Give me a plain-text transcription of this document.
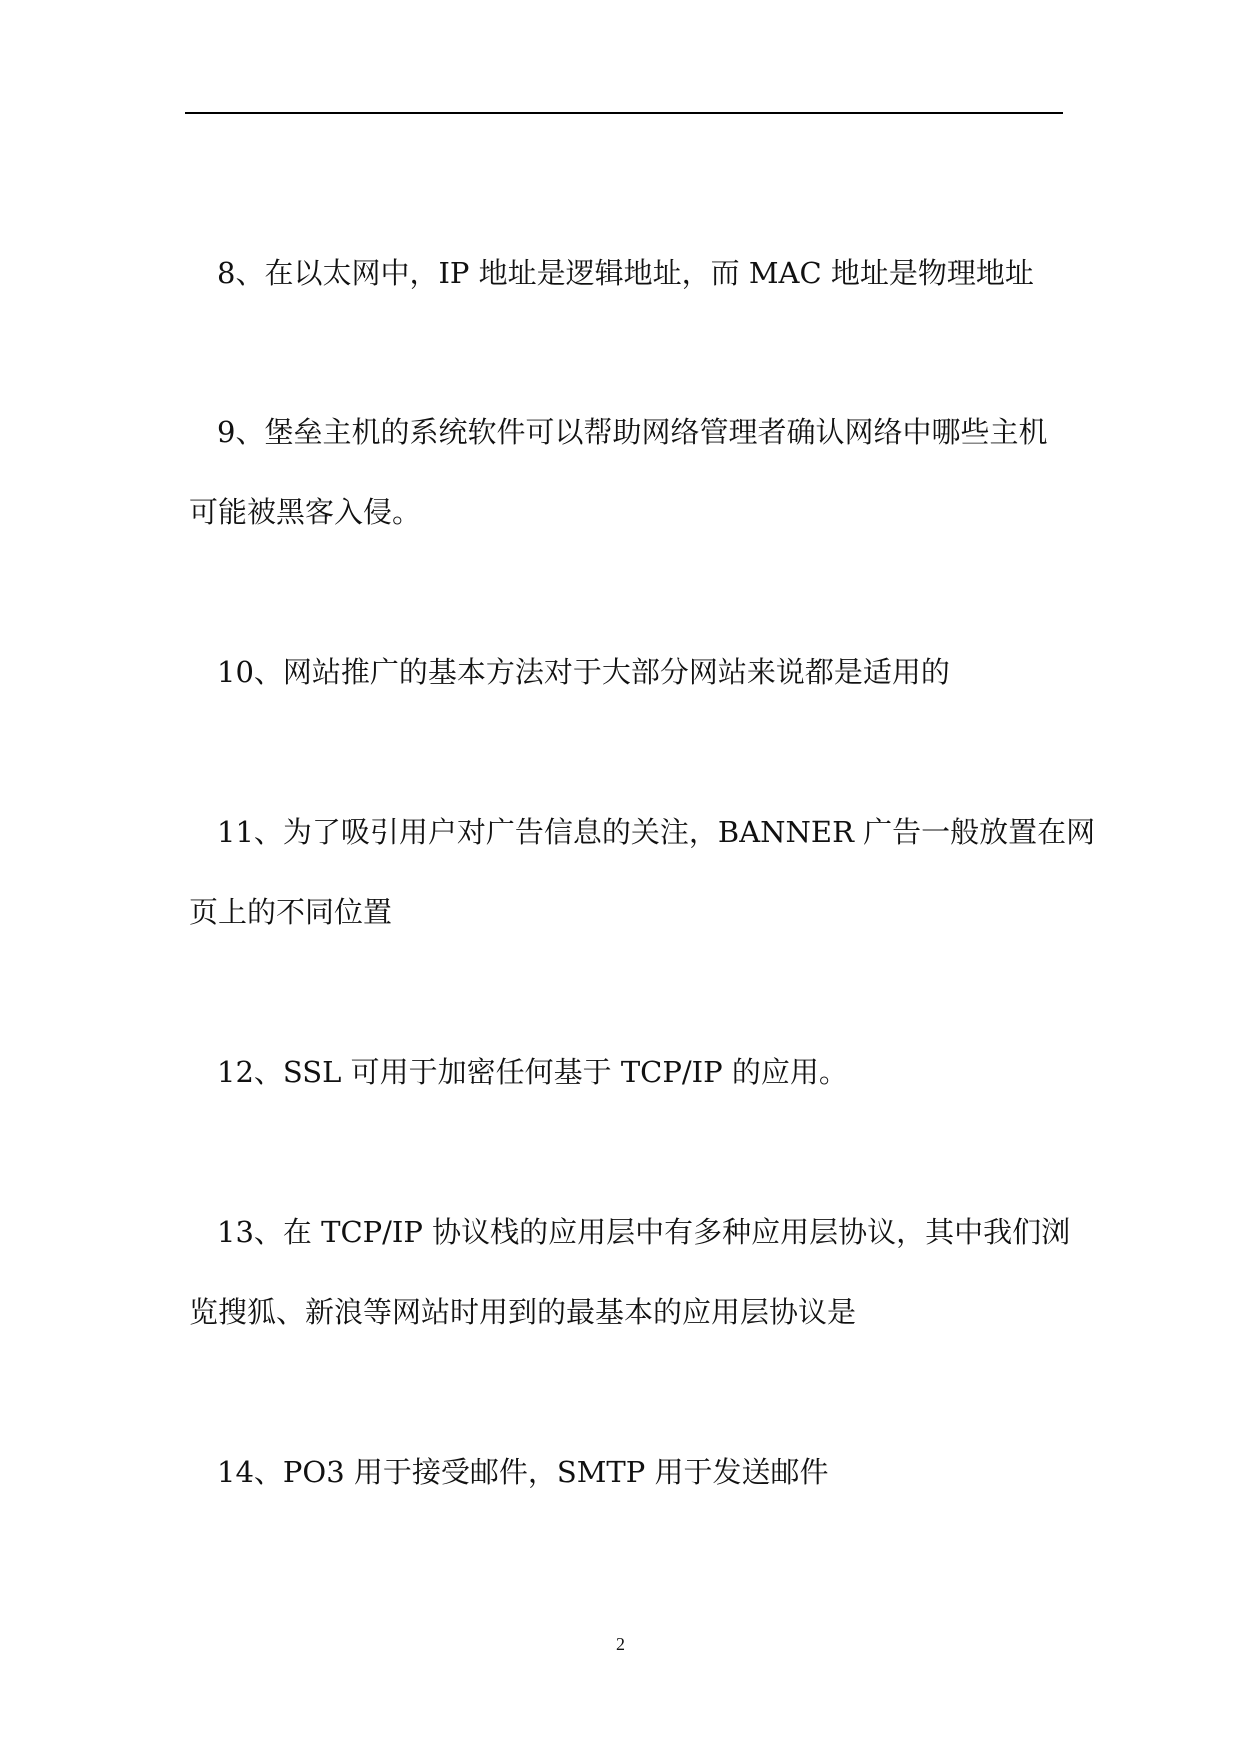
8、在以太网中，IP 地址是逻辑地址，而 MAC 地址是物理地址

9、堡垒主机的系统软件可以帮助网络管理者确认网络中哪些主机
可能被黑客入侵。

10、网站推广的基本方法对于大部分网站来说都是适用的

11、为了吸引用户对广告信息的关注，BANNER 广告一般放置在网
页上的不同位置

12、SSL 可用于加密任何基于 TCP/IP 的应用。

13、在 TCP/IP 协议栈的应用层中有多种应用层协议，其中我们浏
览搜狐、新浪等网站时用到的最基本的应用层协议是

14、PO3 用于接受邮件，SMTP 用于发送邮件

2
